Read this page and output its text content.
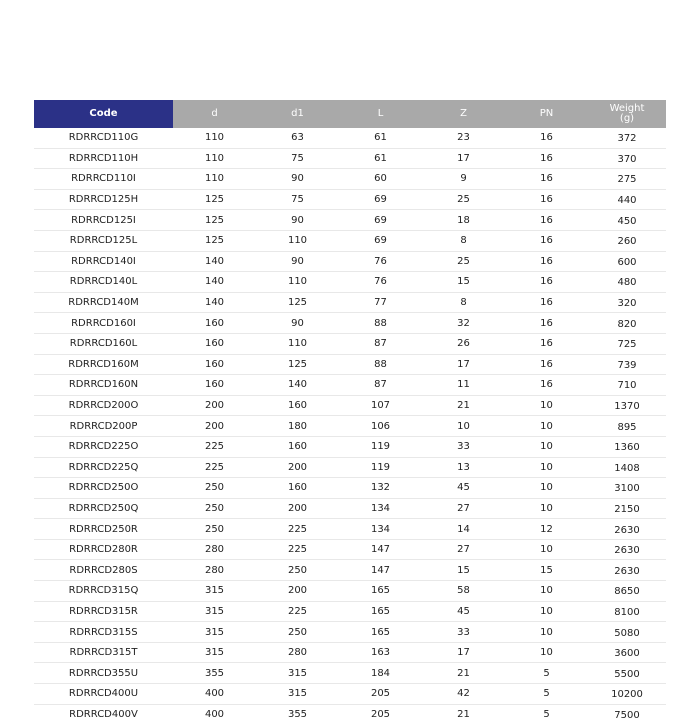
Code	d	d1	L	Z	PN	Weight
(g)
RDRRCD110G	110	63	61	23	16	372
RDRRCD110H	110	75	61	17	16	370
RDRRCD110I	110	90	60	9	16	275
RDRRCD125H	125	75	69	25	16	440
RDRRCD125I	125	90	69	18	16	450
RDRRCD125L	125	110	69	8	16	260
RDRRCD140I	140	90	76	25	16	600
RDRRCD140L	140	110	76	15	16	480
RDRRCD140M	140	125	77	8	16	320
RDRRCD160I	160	90	88	32	16	820
RDRRCD160L	160	110	87	26	16	725
RDRRCD160M	160	125	88	17	16	739
RDRRCD160N	160	140	87	11	16	710
RDRRCD200O	200	160	107	21	10	1370
RDRRCD200P	200	180	106	10	10	895
RDRRCD225O	225	160	119	33	10	1360
RDRRCD225Q	225	200	119	13	10	1408
RDRRCD250O	250	160	132	45	10	3100
RDRRCD250Q	250	200	134	27	10	2150
RDRRCD250R	250	225	134	14	12	2630
RDRRCD280R	280	225	147	27	10	2630
RDRRCD280S	280	250	147	15	15	2630
RDRRCD315Q	315	200	165	58	10	8650
RDRRCD315R	315	225	165	45	10	8100
RDRRCD315S	315	250	165	33	10	5080
RDRRCD315T	315	280	163	17	10	3600
RDRRCD355U	355	315	184	21	5	5500
RDRRCD400U	400	315	205	42	5	10200
RDRRCD400V	400	355	205	21	5	7500
